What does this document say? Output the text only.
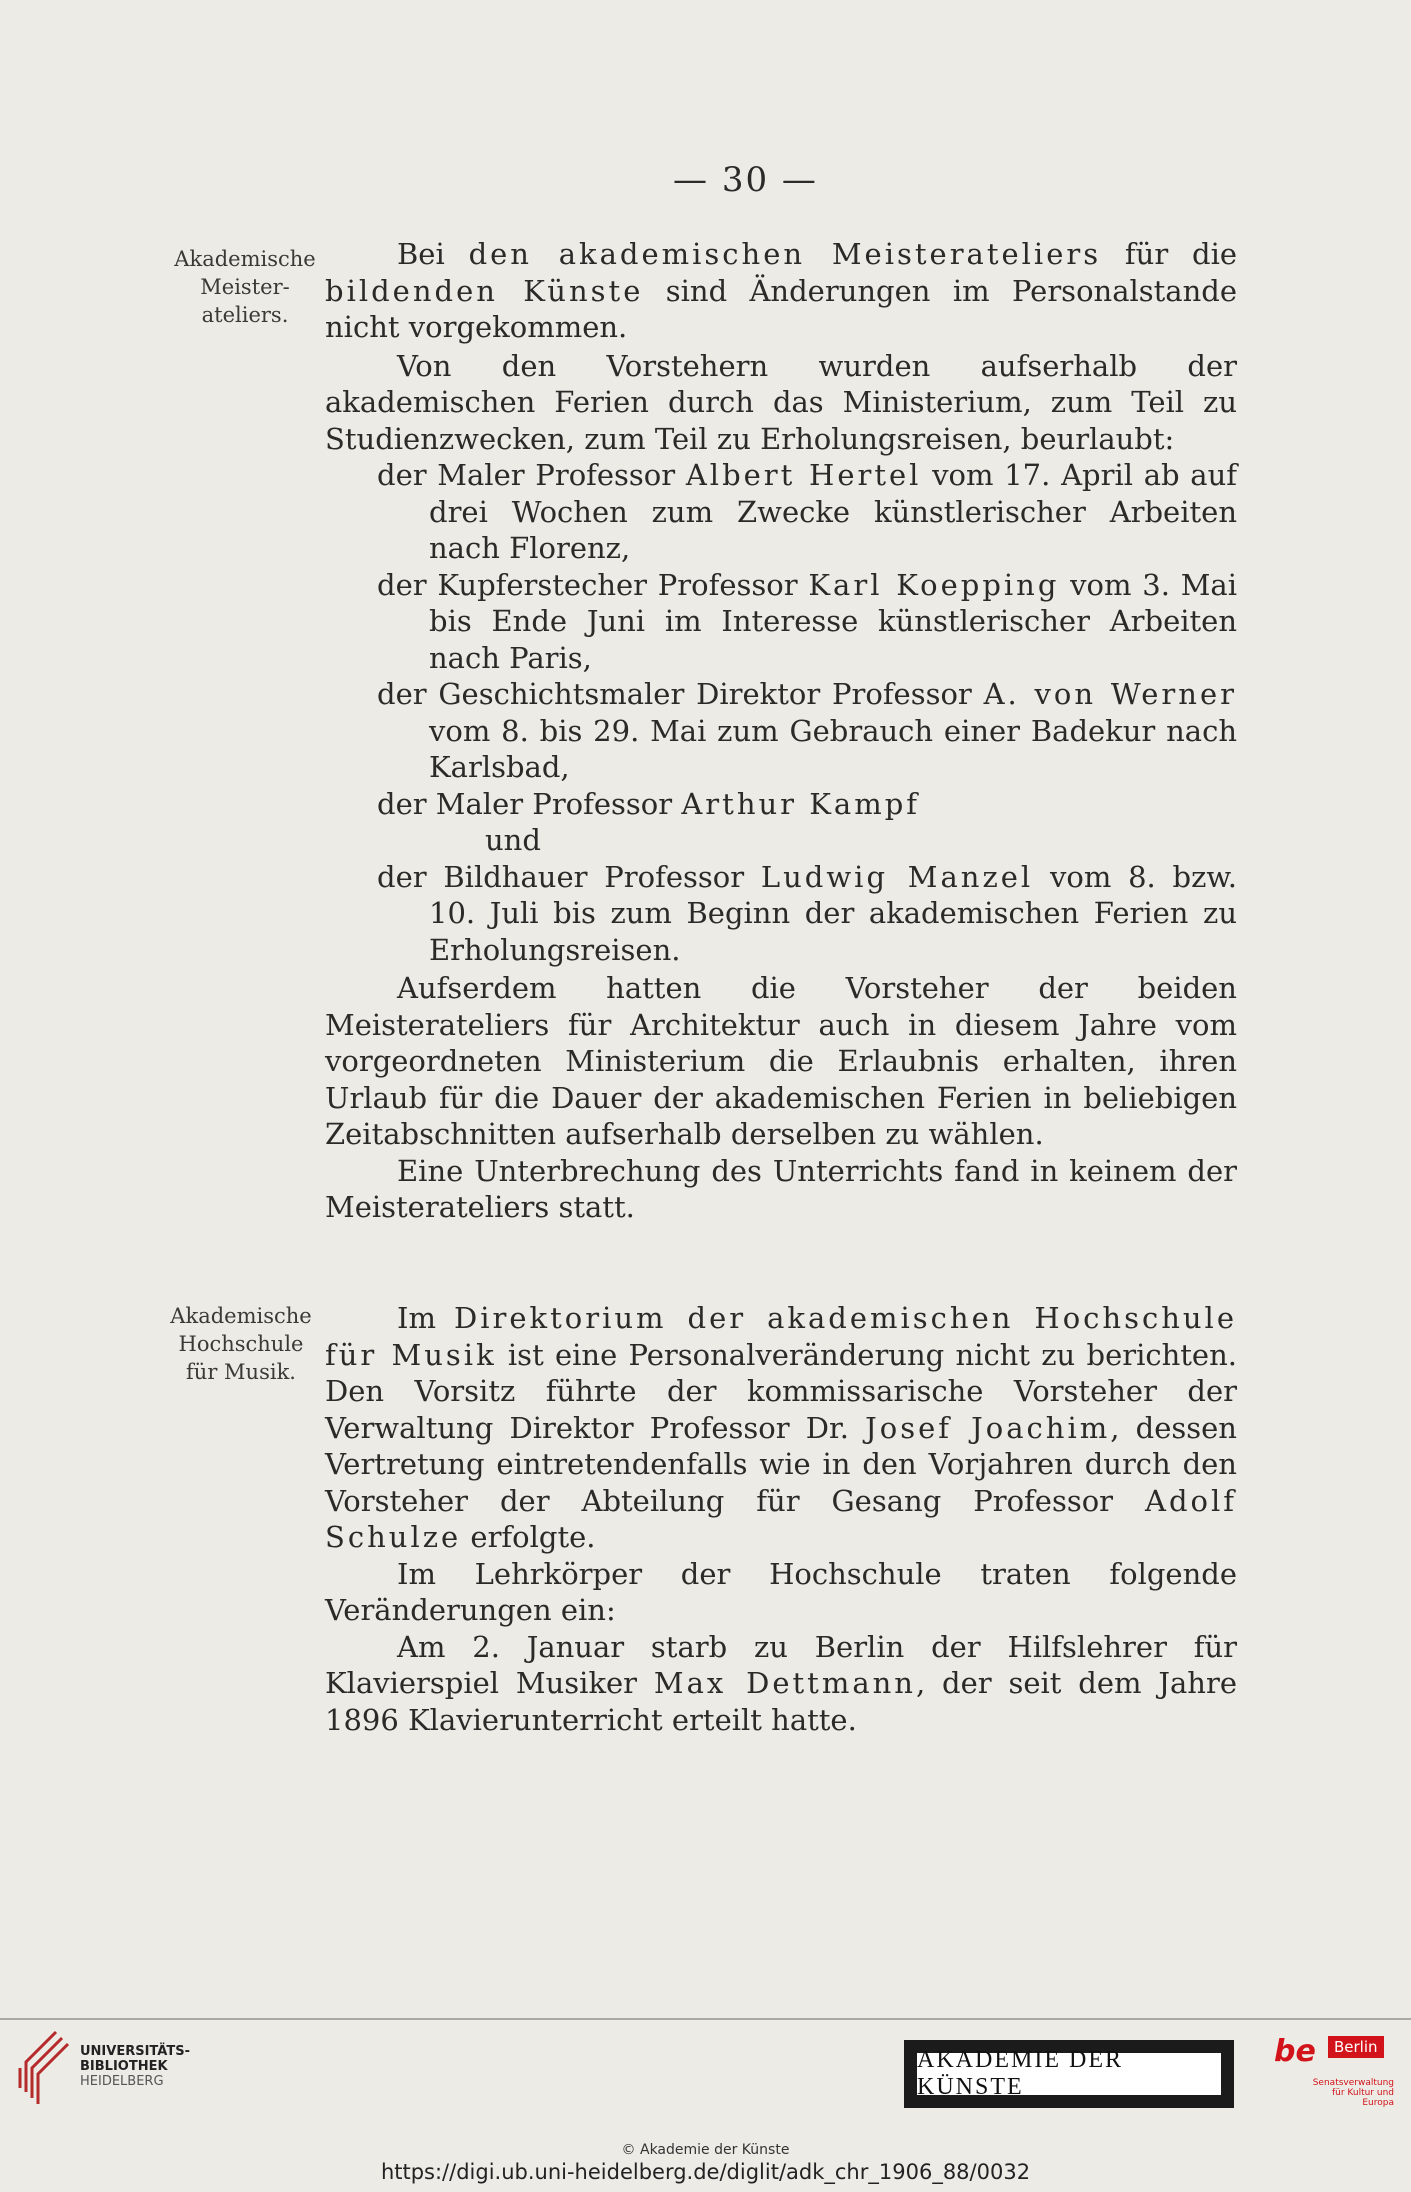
— 30 —
Akademische
Meister-
ateliers.

Bei den akademischen Meisterateliers für die bildenden Künste sind Änderungen im Personalstande nicht vorgekommen.

Von den Vorstehern wurden aufserhalb der akademischen Ferien durch das Ministerium, zum Teil zu Studienzwecken, zum Teil zu Erholungsreisen, beurlaubt:

der Maler Professor Albert Hertel vom 17. April ab auf drei Wochen zum Zwecke künstlerischer Arbeiten nach Florenz,

der Kupferstecher Professor Karl Koepping vom 3. Mai bis Ende Juni im Interesse künstlerischer Arbeiten nach Paris,

der Geschichtsmaler Direktor Professor A. von Werner vom 8. bis 29. Mai zum Gebrauch einer Badekur nach Karlsbad,

der Maler Professor Arthur Kampf

und

der Bildhauer Professor Ludwig Manzel vom 8. bzw. 10. Juli bis zum Beginn der akademischen Ferien zu Erholungsreisen.

Aufserdem hatten die Vorsteher der beiden Meisterateliers für Architektur auch in diesem Jahre vom vorgeordneten Ministerium die Erlaubnis erhalten, ihren Urlaub für die Dauer der akademischen Ferien in beliebigen Zeitabschnitten aufserhalb derselben zu wählen.

Eine Unterbrechung des Unterrichts fand in keinem der Meisterateliers statt.

Akademische
Hochschule
für Musik.

Im Direktorium der akademischen Hochschule für Musik ist eine Personalveränderung nicht zu berichten. Den Vorsitz führte der kommissarische Vorsteher der Verwaltung Direktor Professor Dr. Josef Joachim, dessen Vertretung eintretendenfalls wie in den Vorjahren durch den Vorsteher der Abteilung für Gesang Professor Adolf Schulze erfolgte.

Im Lehrkörper der Hochschule traten folgende Veränderungen ein:

Am 2. Januar starb zu Berlin der Hilfslehrer für Klavierspiel Musiker Max Dettmann, der seit dem Jahre 1896 Klavierunterricht erteilt hatte.

UNIVERSITÄTS-
BIBLIOTHEK
HEIDELBERG
AKADEMIE DER KÜNSTE
be	Berlin
Senatsverwaltung
für Kultur und Europa
© Akademie der Künste
https://digi.ub.uni-heidelberg.de/diglit/adk_chr_1906_88/0032
